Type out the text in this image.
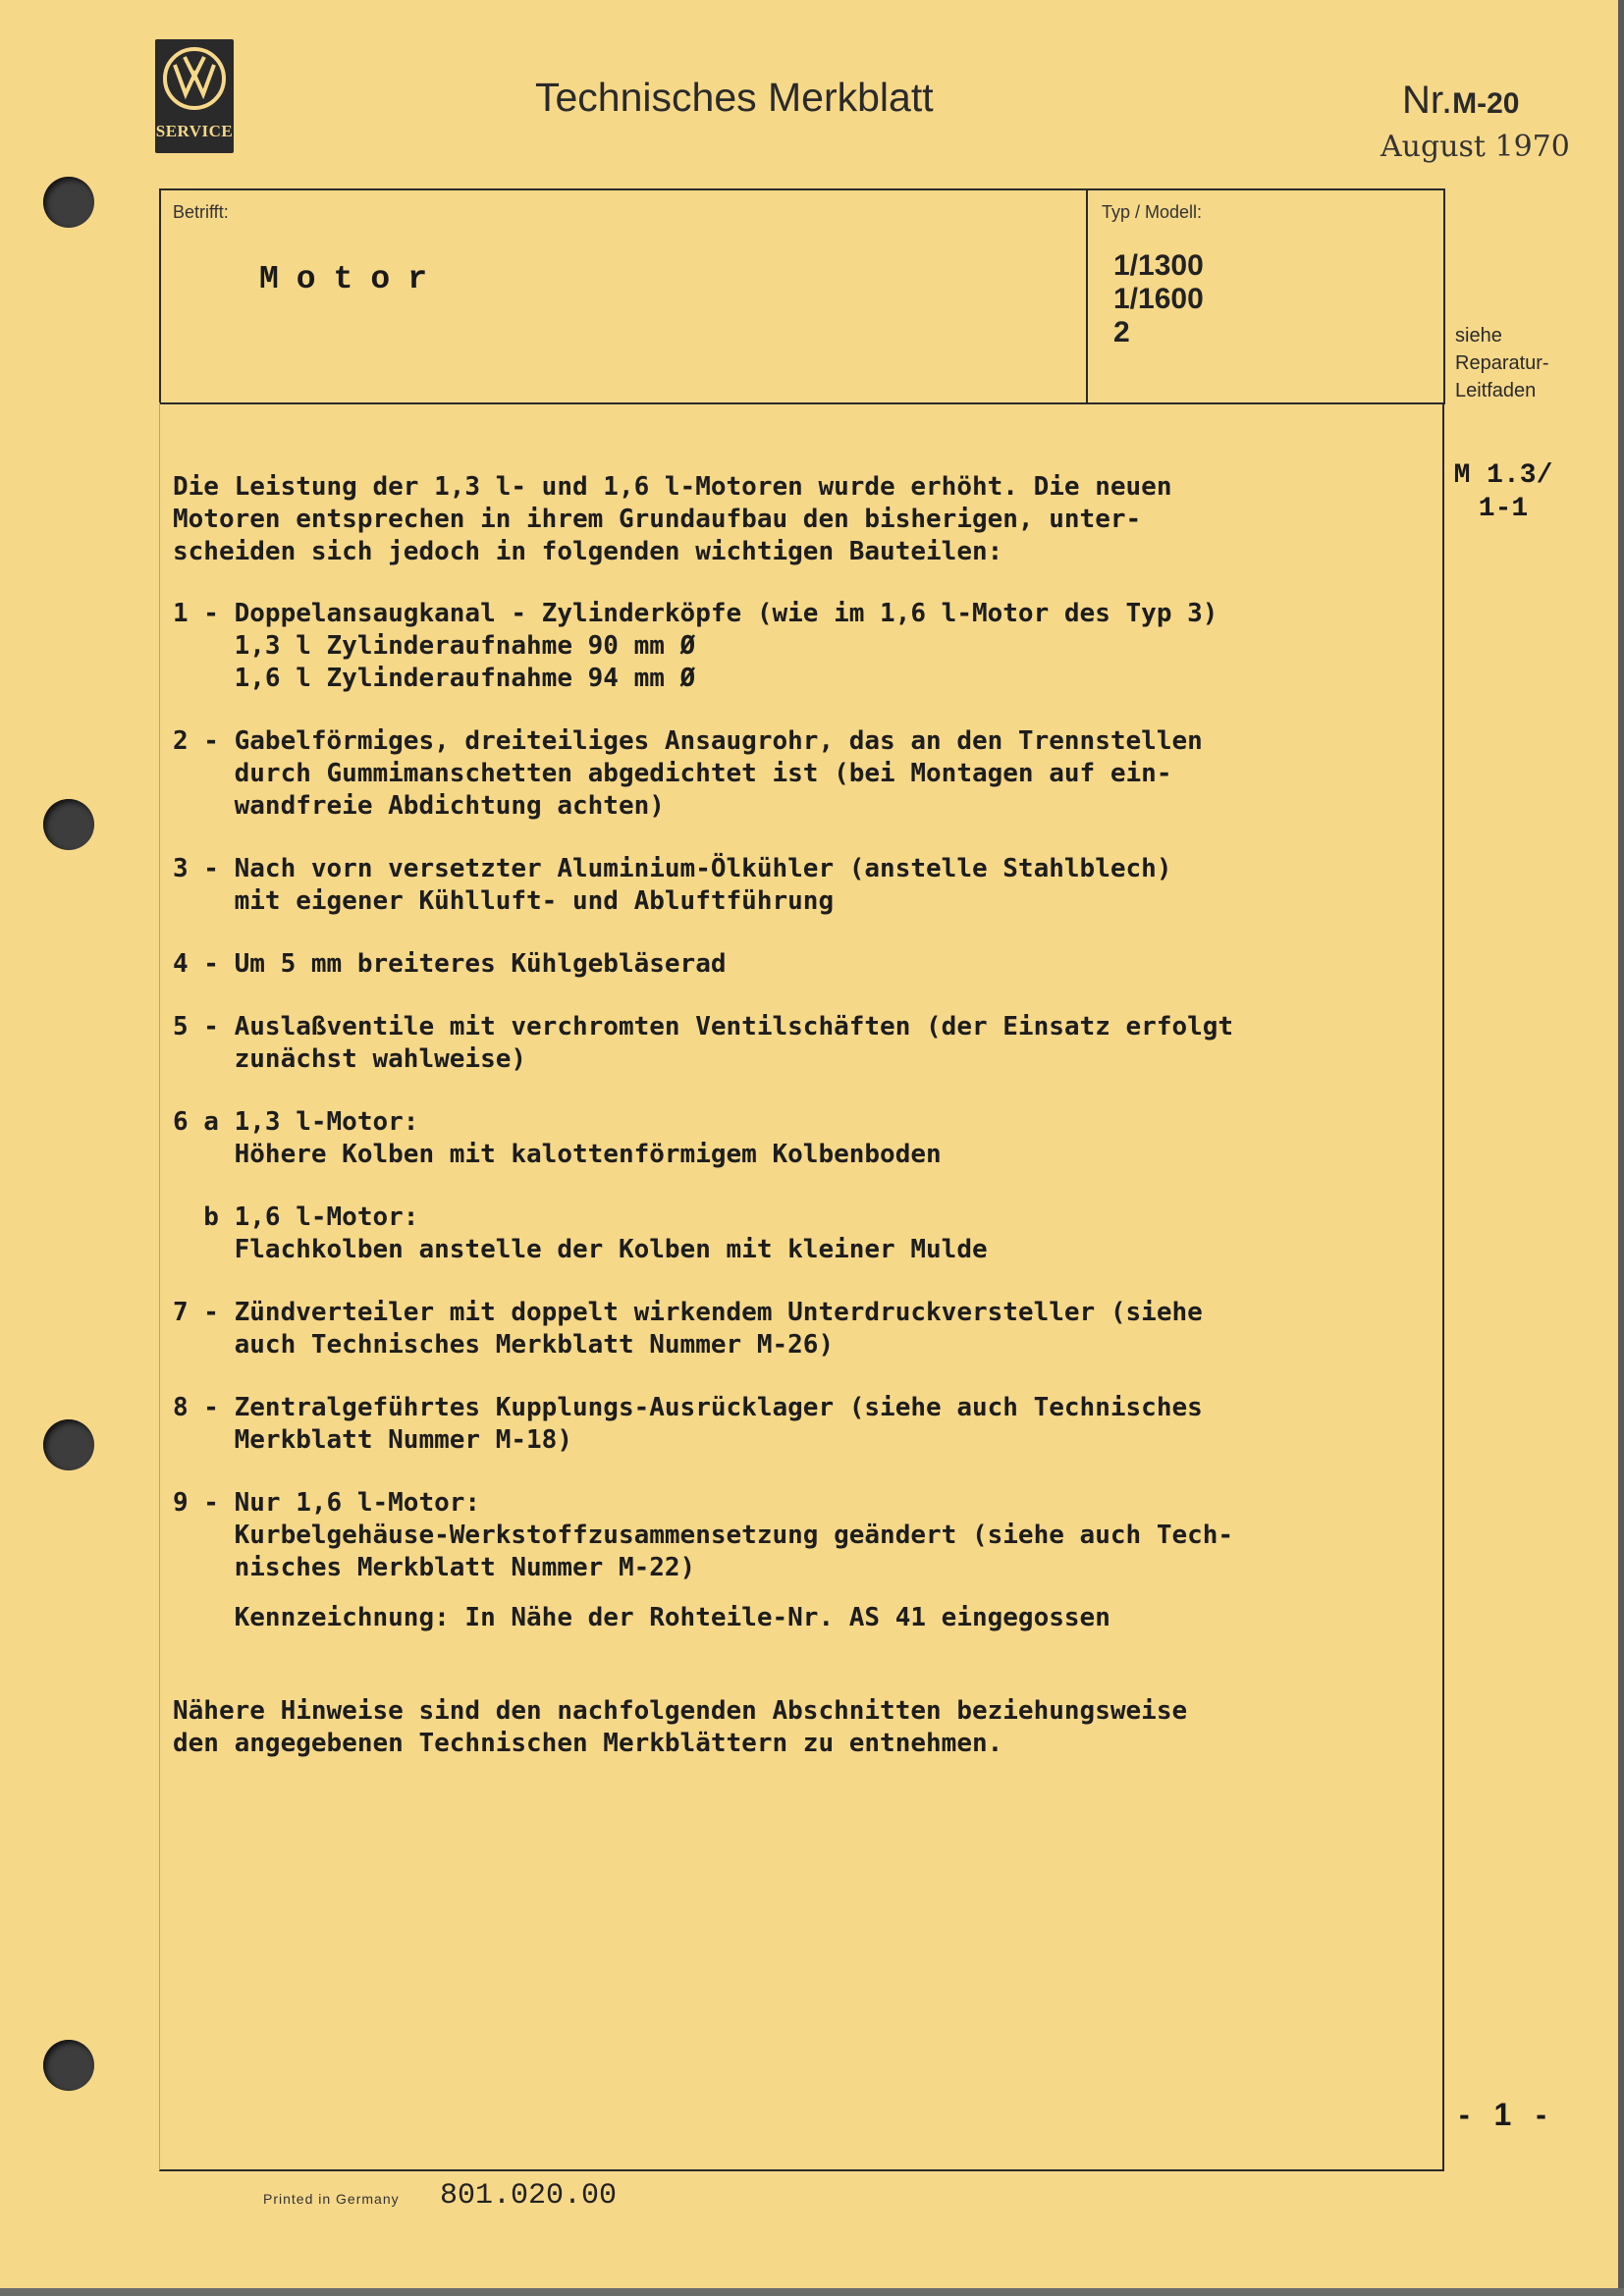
SERVICE
Technisches Merkblatt	Nr.M-20
August 1970
Betrifft:	Typ / Modell:
Motor	1/1300
1/1600
2	siehe
Reparatur-
Leitfaden
M 1.3/
1-1

Die Leistung der 1,3 l- und 1,6 l-Motoren wurde erhöht. Die neuen
Motoren entsprechen in ihrem Grundaufbau den bisherigen, unter-
scheiden sich jedoch in folgenden wichtigen Bauteilen:

1 - Doppelansaugkanal - Zylinderköpfe (wie im 1,6 l-Motor des Typ 3)
1,3 l Zylinderaufnahme 90 mm Ø
1,6 l Zylinderaufnahme 94 mm Ø

2 - Gabelförmiges, dreiteiliges Ansaugrohr, das an den Trennstellen
durch Gummimanschetten abgedichtet ist (bei Montagen auf ein-
wandfreie Abdichtung achten)

3 - Nach vorn versetzter Aluminium-Ölkühler (anstelle Stahlblech)
mit eigener Kühlluft- und Abluftführung

4 - Um 5 mm breiteres Kühlgebläserad

5 - Auslaßventile mit verchromten Ventilschäften (der Einsatz erfolgt
zunächst wahlweise)

6 a 1,3 l-Motor:
Höhere Kolben mit kalottenförmigem Kolbenboden

b 1,6 l-Motor:
Flachkolben anstelle der Kolben mit kleiner Mulde

7 - Zündverteiler mit doppelt wirkendem Unterdruckversteller (siehe
auch Technisches Merkblatt Nummer M-26)

8 - Zentralgeführtes Kupplungs-Ausrücklager (siehe auch Technisches
Merkblatt Nummer M-18)

9 - Nur 1,6 l-Motor:
Kurbelgehäuse-Werkstoffzusammensetzung geändert (siehe auch Tech-
nisches Merkblatt Nummer M-22)

Kennzeichnung: In Nähe der Rohteile-Nr. AS 41 eingegossen

Nähere Hinweise sind den nachfolgenden Abschnitten beziehungsweise
den angegebenen Technischen Merkblättern zu entnehmen.

- 1 -
Printed in Germany 801.020.00
